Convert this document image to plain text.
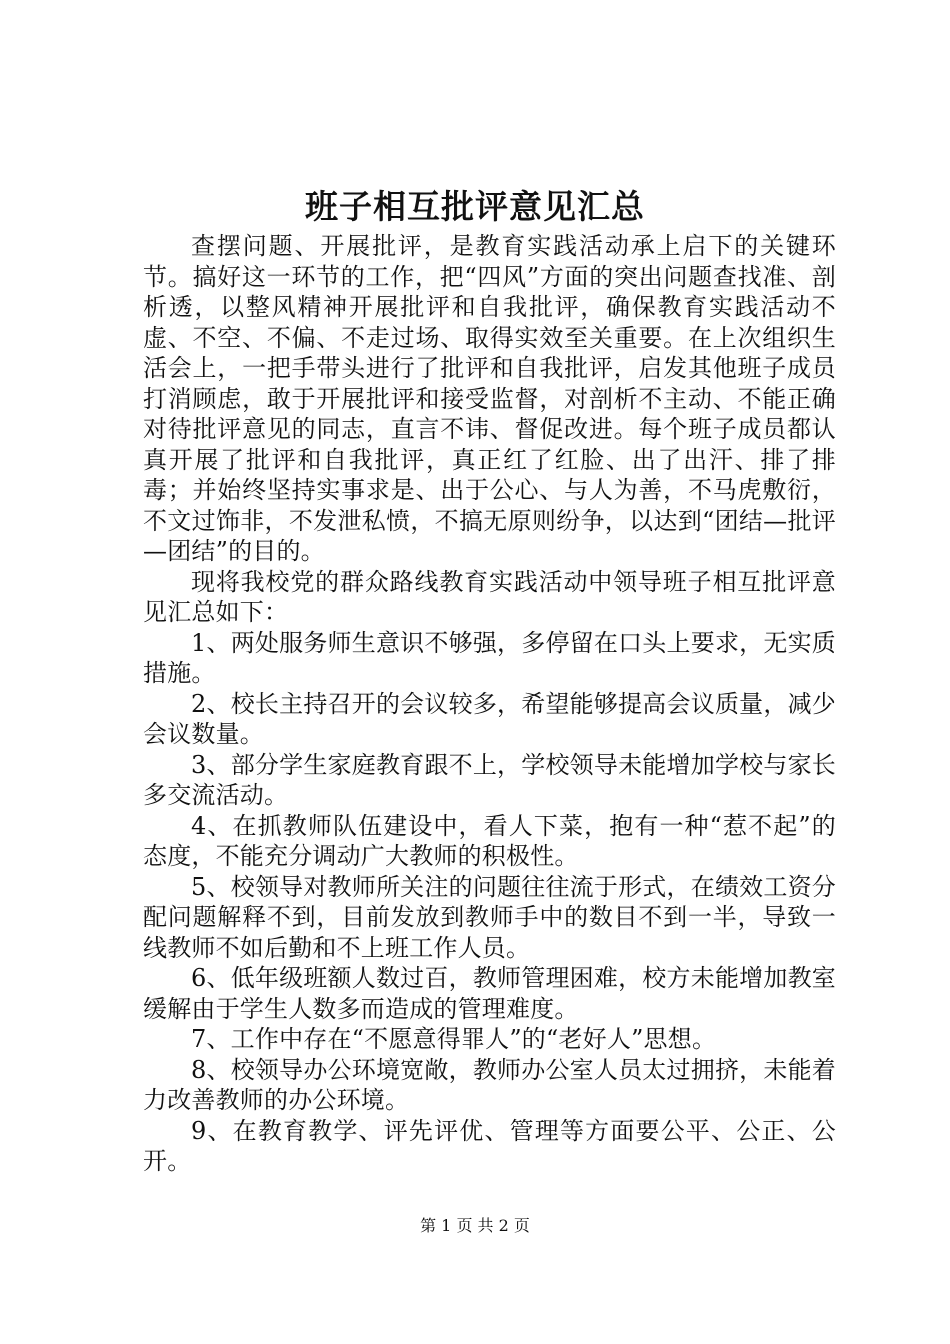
班子相互批评意见汇总

查摆问题、开展批评，是教育实践活动承上启下的关键环节。搞好这一环节的工作，把“四风”方面的突出问题查找准、剖析透，以整风精神开展批评和自我批评，确保教育实践活动不虚、不空、不偏、不走过场、取得实效至关重要。在上次组织生活会上，一把手带头进行了批评和自我批评，启发其他班子成员打消顾虑，敢于开展批评和接受监督，对剖析不主动、不能正确对待批评意见的同志，直言不讳、督促改进。每个班子成员都认真开展了批评和自我批评，真正红了红脸、出了出汗、排了排毒；并始终坚持实事求是、出于公心、与人为善，不马虎敷衍，不文过饰非，不发泄私愤，不搞无原则纷争，以达到“团结—批评—团结”的目的。

现将我校党的群众路线教育实践活动中领导班子相互批评意见汇总如下：

1、两处服务师生意识不够强，多停留在口头上要求，无实质措施。

2、校长主持召开的会议较多，希望能够提高会议质量，减少会议数量。

3、部分学生家庭教育跟不上，学校领导未能增加学校与家长多交流活动。

4、在抓教师队伍建设中，看人下菜，抱有一种“惹不起”的态度，不能充分调动广大教师的积极性。

5、校领导对教师所关注的问题往往流于形式，在绩效工资分配问题解释不到，目前发放到教师手中的数目不到一半，导致一线教师不如后勤和不上班工作人员。

6、低年级班额人数过百，教师管理困难，校方未能增加教室缓解由于学生人数多而造成的管理难度。

7、工作中存在“不愿意得罪人”的“老好人”思想。

8、校领导办公环境宽敞，教师办公室人员太过拥挤，未能着力改善教师的办公环境。

9、在教育教学、评先评优、管理等方面要公平、公正、公开。

第 1 页 共 2 页
